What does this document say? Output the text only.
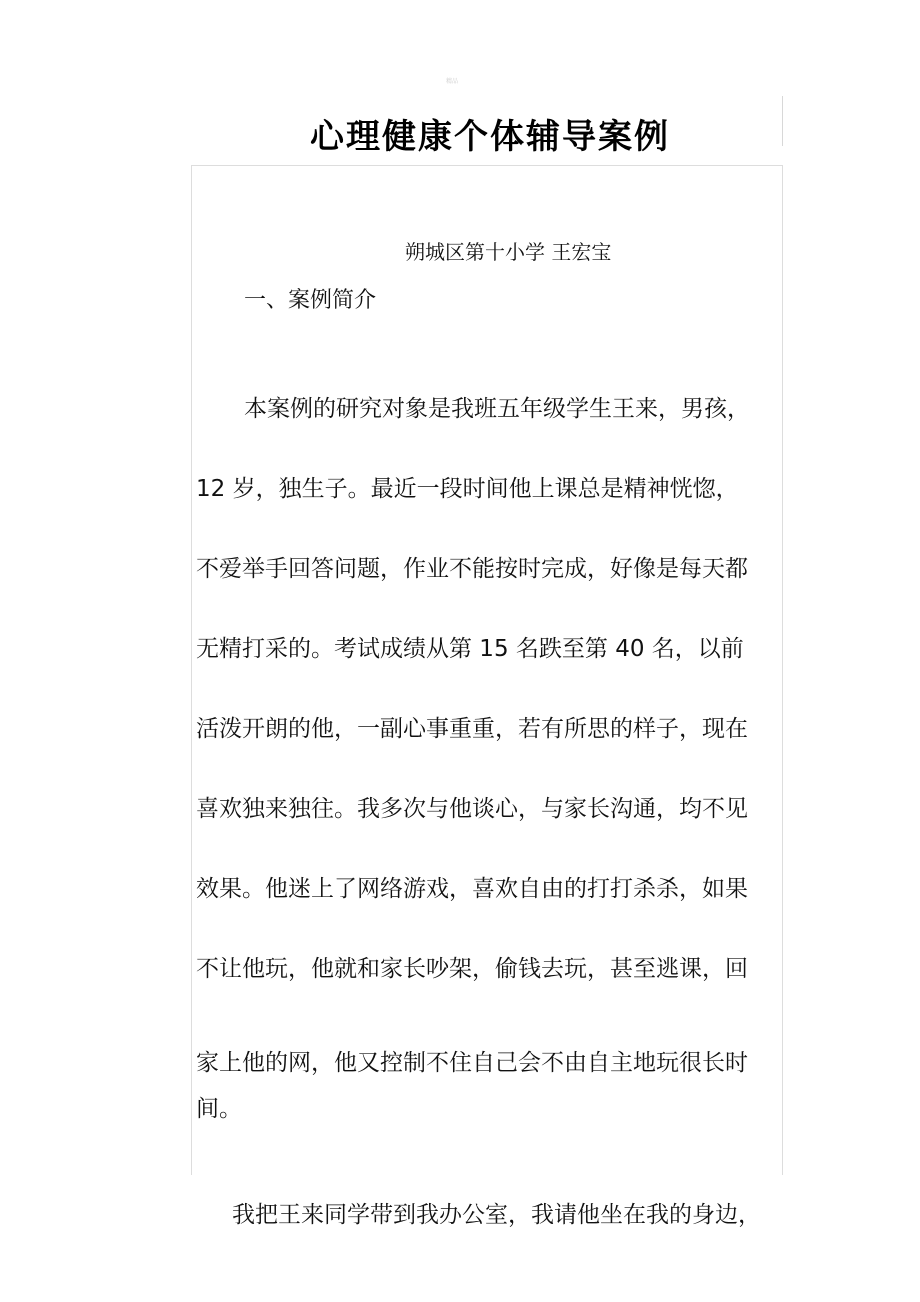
精品
心理健康个体辅导案例
朔城区第十小学 王宏宝
一、案例简介
本案例的研究对象是我班五年级学生王来，男孩，
12 岁，独生子。最近一段时间他上课总是精神恍惚，
不爱举手回答问题，作业不能按时完成，好像是每天都
无精打采的。考试成绩从第 15 名跌至第 40 名，以前
活泼开朗的他，一副心事重重，若有所思的样子，现在
喜欢独来独往。我多次与他谈心，与家长沟通，均不见
效果。他迷上了网络游戏，喜欢自由的打打杀杀，如果
不让他玩，他就和家长吵架，偷钱去玩，甚至逃课，回
家上他的网，他又控制不住自己会不由自主地玩很长时
间。
我把王来同学带到我办公室，我请他坐在我的身边，
